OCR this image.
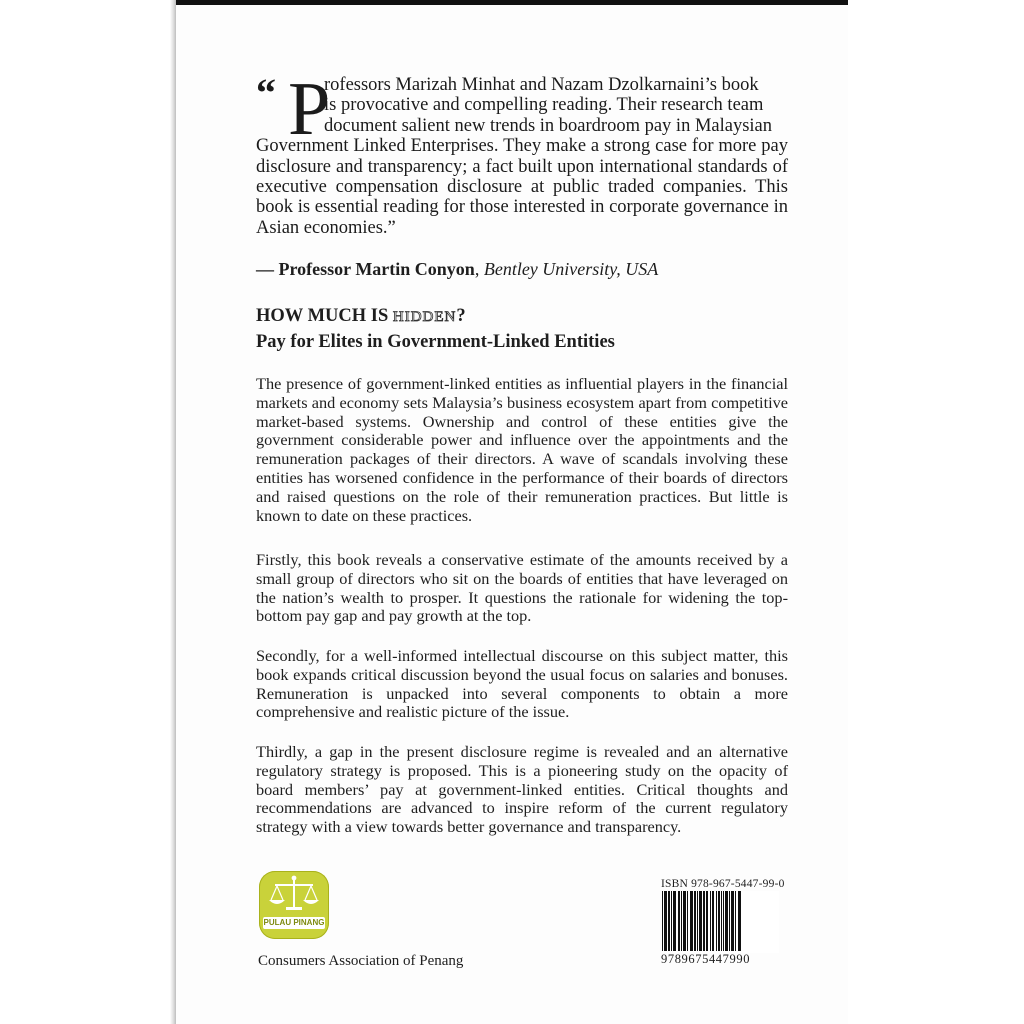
“ P
rofessors Marizah Minhat and Nazam Dzolkarnaini’s book
is provocative and compelling reading. Their research team
document salient new trends in boardroom pay in Malaysian
Government Linked Enterprises. They make a strong case for more pay disclosure and transparency; a fact built upon international standards of executive compensation disclosure at public traded companies. This book is essential reading for those interested in corporate governance in Asian economies.”
— Professor Martin Conyon, Bentley University, USA
HOW MUCH IS HIDDEN?
Pay for Elites in Government-Linked Entities
The presence of government-linked entities as influential players in the financial markets and economy sets Malaysia’s business ecosystem apart from competitive market-based systems. Ownership and control of these entities give the government considerable power and influence over the appointments and the remuneration packages of their directors. A wave of scandals involving these entities has worsened confidence in the performance of their boards of directors and raised questions on the role of their remuneration practices. But little is known to date on these practices.
Firstly, this book reveals a conservative estimate of the amounts received by a small group of directors who sit on the boards of entities that have leveraged on the nation’s wealth to prosper. It questions the rationale for widening the top-bottom pay gap and pay growth at the top.
Secondly, for a well-informed intellectual discourse on this subject matter, this book expands critical discussion beyond the usual focus on salaries and bonuses. Remuneration is unpacked into several components to obtain a more comprehensive and realistic picture of the issue.
Thirdly, a gap in the present disclosure regime is revealed and an alternative regulatory strategy is proposed. This is a pioneering study on the opacity of board members’ pay at government-linked entities. Critical thoughts and recommendations are advanced to inspire reform of the current regulatory strategy with a view towards better governance and transparency.
PULAU PINANG
Consumers Association of Penang
ISBN 978-967-5447-99-0
9789675447990
